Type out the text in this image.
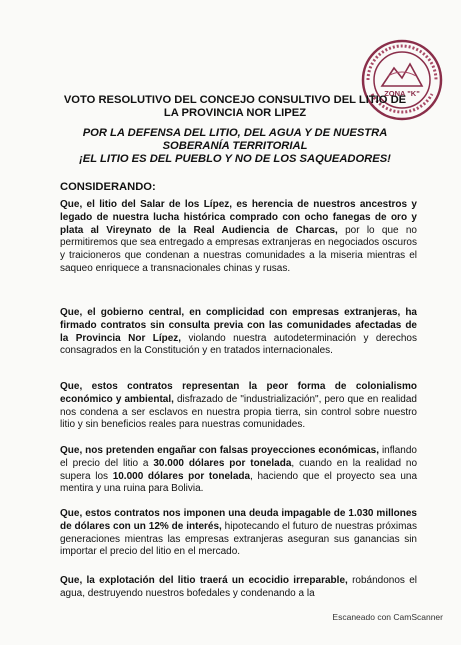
ZONA "K"

VOTO RESOLUTIVO DEL CONCEJO CONSULTIVO DEL LITIO DE

LA PROVINCIA NOR LIPEZ

POR LA DEFENSA DEL LITIO, DEL AGUA Y DE NUESTRA

SOBERANÍA TERRITORIAL

¡EL LITIO ES DEL PUEBLO Y NO DE LOS SAQUEADORES!

CONSIDERANDO:

Que, el litio del Salar de los Lípez, es herencia de nuestros ancestros y legado de nuestra lucha histórica comprado con ocho fanegas de oro y plata al Vireynato de la Real Audiencia de Charcas, por lo que no permitiremos que sea entregado a empresas extranjeras en negociados oscuros y traicioneros que condenan a nuestras comunidades a la miseria mientras el saqueo enriquece a transnacionales chinas y rusas.

Que, el gobierno central, en complicidad con empresas extranjeras, ha firmado contratos sin consulta previa con las comunidades afectadas de la Provincia Nor Lípez, violando nuestra autodeterminación y derechos consagrados en la Constitución y en tratados internacionales.

Que, estos contratos representan la peor forma de colonialismo económico y ambiental, disfrazado de "industrialización", pero que en realidad nos condena a ser esclavos en nuestra propia tierra, sin control sobre nuestro litio y sin beneficios reales para nuestras comunidades.

Que, nos pretenden engañar con falsas proyecciones económicas, inflando el precio del litio a 30.000 dólares por tonelada, cuando en la realidad no supera los 10.000 dólares por tonelada, haciendo que el proyecto sea una mentira y una ruina para Bolivia.

Que, estos contratos nos imponen una deuda impagable de 1.030 millones de dólares con un 12% de interés, hipotecando el futuro de nuestras próximas generaciones mientras las empresas extranjeras aseguran sus ganancias sin importar el precio del litio en el mercado.

Que, la explotación del litio traerá un ecocidio irreparable, robándonos el agua, destruyendo nuestros bofedales y condenando a la

Escaneado con CamScanner
